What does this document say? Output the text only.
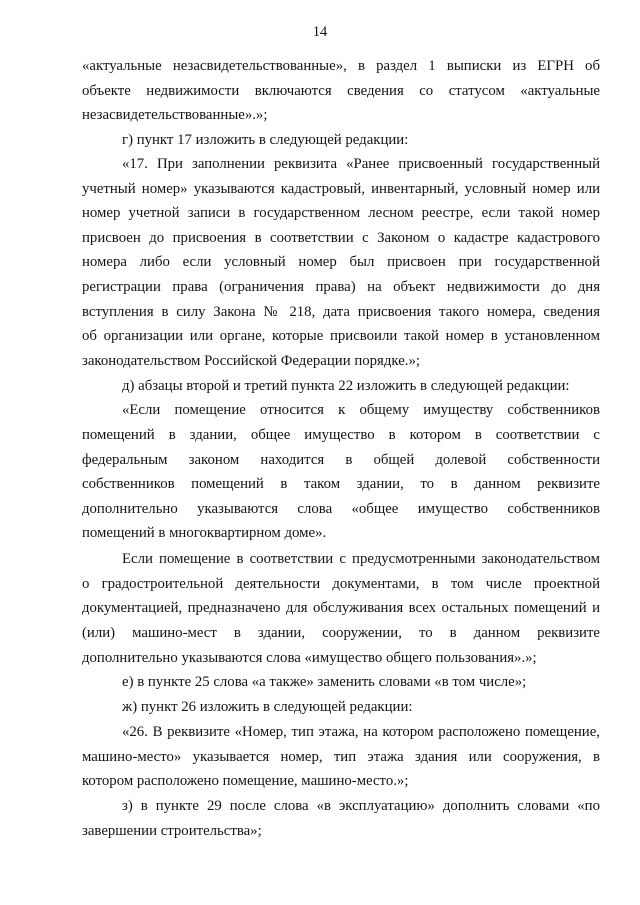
14
«актуальные незасвидетельствованные», в раздел 1 выписки из ЕГРН об
объекте недвижимости включаются сведения со статусом «актуальные
незасвидетельствованные».»;
г) пункт 17 изложить в следующей редакции:
«17. При заполнении реквизита «Ранее присвоенный государственный
учетный номер» указываются кадастровый, инвентарный, условный номер или
номер учетной записи в государственном лесном реестре, если такой номер
присвоен до присвоения в соответствии с Законом о кадастре кадастрового
номера либо если условный номер был присвоен при государственной
регистрации права (ограничения права) на объект недвижимости до дня
вступления в силу Закона № 218, дата присвоения такого номера, сведения
об организации или органе, которые присвоили такой номер в установленном
законодательством Российской Федерации порядке.»;
д) абзацы второй и третий пункта 22 изложить в следующей редакции:
«Если помещение относится к общему имуществу собственников
помещений в здании, общее имущество в котором в соответствии с
федеральным законом находится в общей долевой собственности
собственников помещений в таком здании, то в данном реквизите
дополнительно указываются слова «общее имущество собственников
помещений в многоквартирном доме».
Если помещение в соответствии с предусмотренными законодательством
о градостроительной деятельности документами, в том числе проектной
документацией, предназначено для обслуживания всех остальных помещений и
(или) машино-мест в здании, сооружении, то в данном реквизите
дополнительно указываются слова «имущество общего пользования».»;
е) в пункте 25 слова «а также» заменить словами «в том числе»;
ж) пункт 26 изложить в следующей редакции:
«26. В реквизите «Номер, тип этажа, на котором расположено помещение,
машино-место» указывается номер, тип этажа здания или сооружения, в
котором расположено помещение, машино-место.»;
з) в пункте 29 после слова «в эксплуатацию» дополнить словами «по
завершении строительства»;
